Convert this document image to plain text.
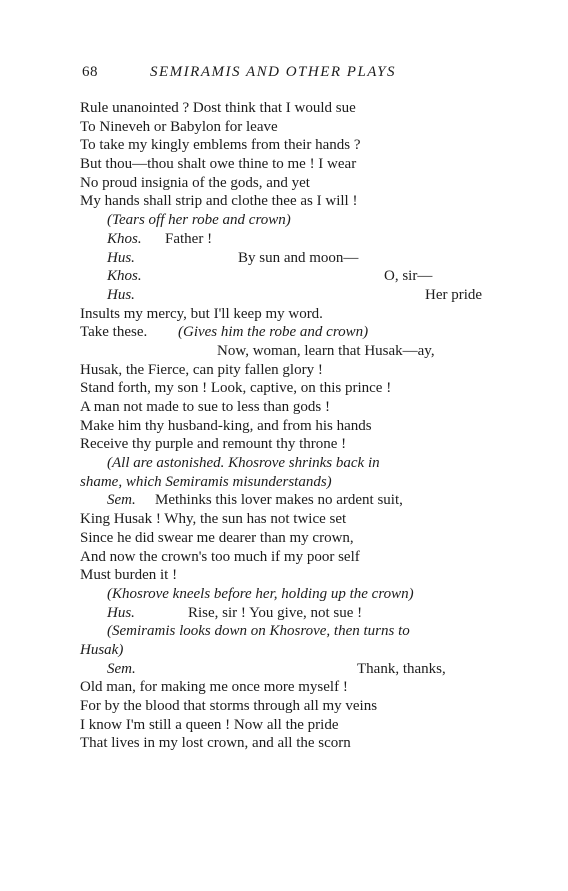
68	SEMIRAMIS AND OTHER PLAYS
Rule unanointed ? Dost think that I would sue
To Nineveh or Babylon for leave
To take my kingly emblems from their hands ?
But thou—thou shalt owe thine to me ! I wear
No proud insignia of the gods, and yet
My hands shall strip and clothe thee as I will !
(Tears off her robe and crown)
Khos. Father !
Hus.	By sun and moon—
Khos.	O, sir—
Hus.	Her pride
Insults my mercy, but I'll keep my word.
Take these. (Gives him the robe and crown)
Now, woman, learn that Husak—ay,
Husak, the Fierce, can pity fallen glory !
Stand forth, my son ! Look, captive, on this prince !
A man not made to sue to less than gods !
Make him thy husband-king, and from his hands
Receive thy purple and remount thy throne !
(All are astonished. Khosrove shrinks back in
shame, which Semiramis misunderstands)
Sem. Methinks this lover makes no ardent suit,
King Husak ! Why, the sun has not twice set
Since he did swear me dearer than my crown,
And now the crown's too much if my poor self
Must burden it !
(Khosrove kneels before her, holding up the crown)
Hus.	Rise, sir ! You give, not sue !
(Semiramis looks down on Khosrove, then turns to
Husak)
Sem.	Thank, thanks,
Old man, for making me once more myself !
For by the blood that storms through all my veins
I know I'm still a queen ! Now all the pride
That lives in my lost crown, and all the scorn
